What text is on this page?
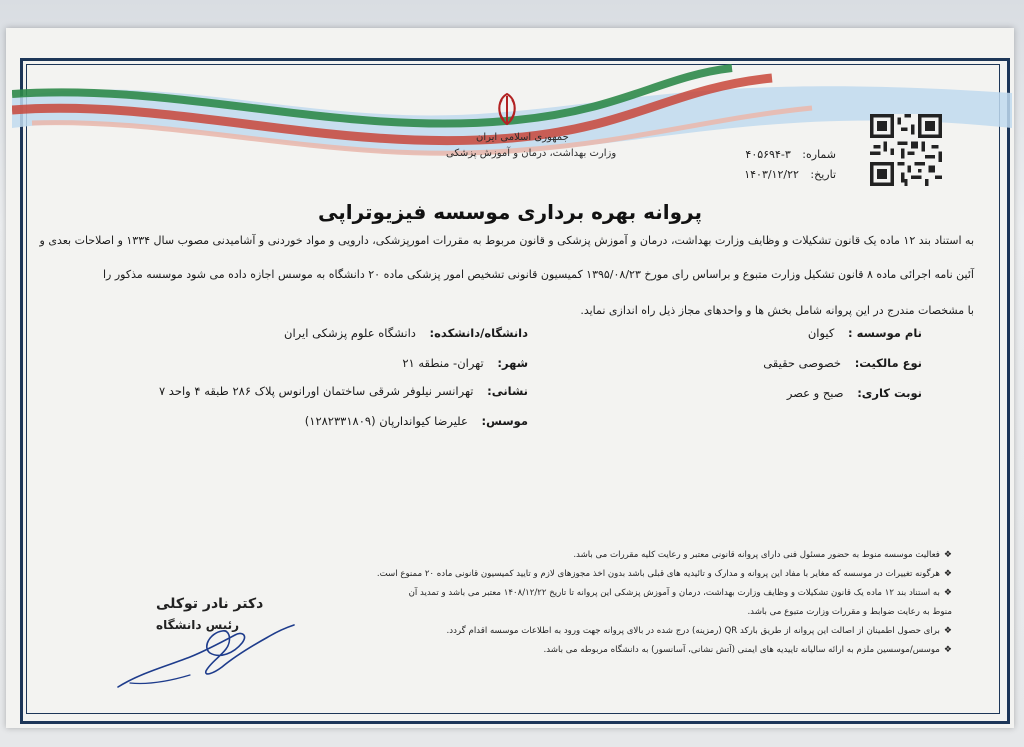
جمهوری اسلامی ایران
وزارت بهداشت، درمان و آموزش پزشکی	شماره: ۳-۴۰۵۶۹۴
تاریخ: ۱۴۰۳/۱۲/۲۲
پروانه بهره برداری موسسه فیزیوتراپی
به استناد بند ۱۲ ماده یک قانون تشکیلات و وظایف وزارت بهداشت، درمان و آموزش پزشکی و قانون مربوط به مقررات امورپزشکی، دارویی و مواد خوردنی و آشامیدنی مصوب سال ۱۳۳۴ و اصلاحات بعدی و
آئین نامه اجرائی ماده ۸ قانون تشکیل وزارت متبوع و براساس رای مورخ ۱۳۹۵/۰۸/۲۳ کمیسیون قانونی تشخیص امور پزشکی ماده ۲۰ دانشگاه به موسس اجازه داده می شود موسسه مذکور را
با مشخصات مندرج در این پروانه شامل بخش ها و واحدهای مجاز ذیل راه اندازی نماید.
نام موسسه : کیوان
نوع مالکیت: خصوصی حقیقی
نوبت کاری: صبح و عصر
دانشگاه/دانشکده: دانشگاه علوم پزشکی ایران
شهر: تهران- منطقه ۲۱
نشانی: تهرانسر نیلوفر شرقی ساختمان اورانوس پلاک ۲۸۶ طبقه ۴ واحد ۷
موسس: علیرضا کیواندارپان (۱۲۸۲۳۳۱۸۰۹)
❖فعالیت موسسه منوط به حضور مسئول فنی دارای پروانه قانونی معتبر و رعایت کلیه مقررات می باشد.
❖هرگونه تغییرات در موسسه که مغایر با مفاد این پروانه و مدارک و تائیدیه های قبلی باشد بدون اخذ مجوزهای لازم و تایید کمیسیون قانونی ماده ۲۰ ممنوع است.
❖به استناد بند ۱۲ ماده یک قانون تشکیلات و وظایف وزارت بهداشت، درمان و آموزش پزشکی این پروانه تا تاریخ ۱۴۰۸/۱۲/۲۲ معتبر می باشد و تمدید آن
منوط به رعایت ضوابط و مقررات وزارت متبوع می باشد.
❖برای حصول اطمینان از اصالت این پروانه از طریق بارکد QR (رمزینه) درج شده در بالای پروانه جهت ورود به اطلاعات موسسه اقدام گردد.
❖موسس/موسسین ملزم به ارائه سالیانه تاییدیه های ایمنی (آتش نشانی، آسانسور) به دانشگاه مربوطه می باشد.
دکتر نادر توکلی
رئیس دانشگاه
